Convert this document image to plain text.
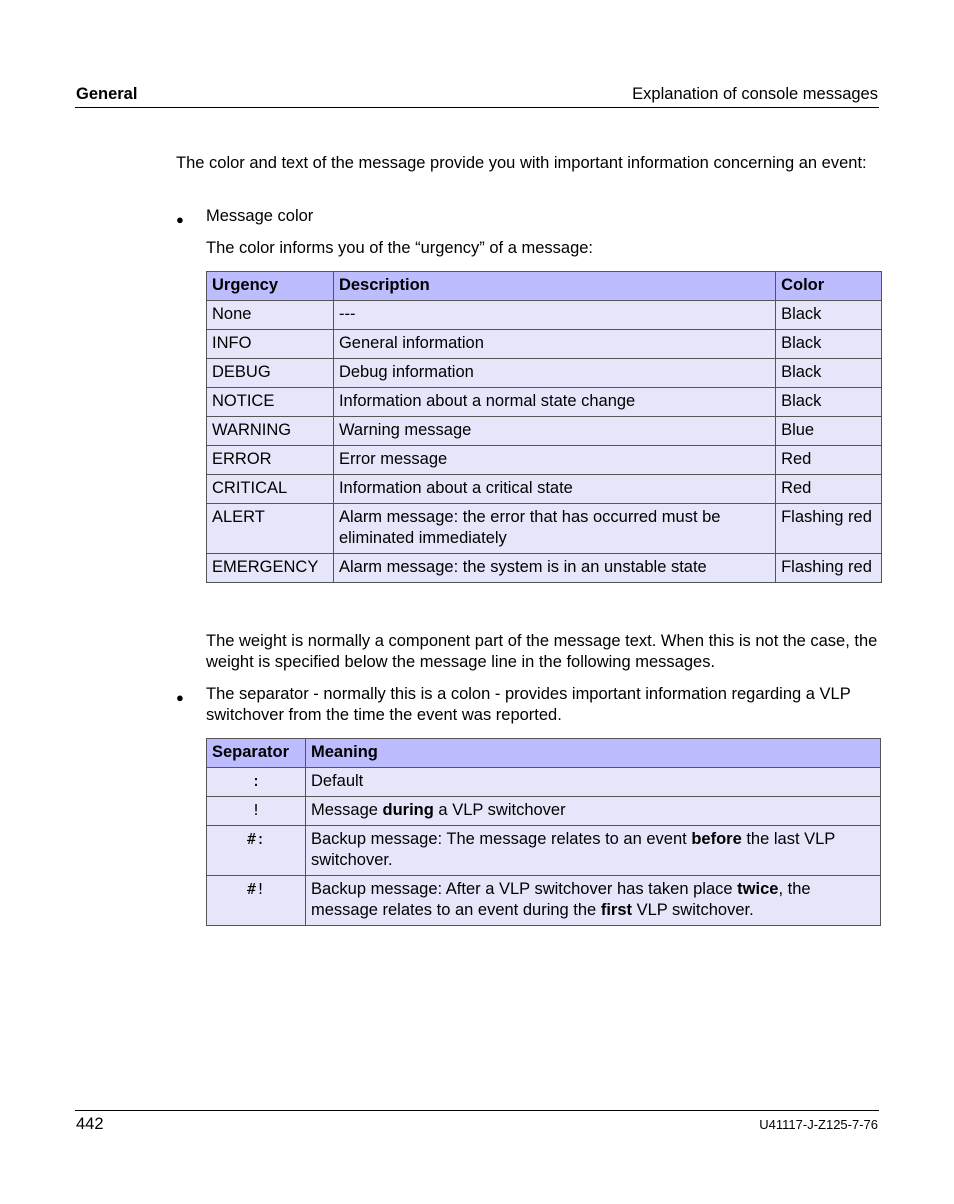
General	Explanation of console messages
The color and text of the message provide you with important information concerning an event:
● Message color
The color informs you of the “urgency” of a message:
Urgency	Description	Color
None	---	Black
INFO	General information	Black
DEBUG	Debug information	Black
NOTICE	Information about a normal state change	Black
WARNING	Warning message	Blue
ERROR	Error message	Red
CRITICAL	Information about a critical state	Red
ALERT	Alarm message: the error that has occurred must be eliminated immediately	Flashing red
EMERGENCY	Alarm message: the system is in an unstable state	Flashing red
The weight is normally a component part of the message text. When this is not the case, the weight is specified below the message line in the following messages.
● The separator - normally this is a colon - provides important information regarding a VLP switchover from the time the event was reported.
Separator	Meaning
:	Default
!	Message during a VLP switchover
#:	Backup message: The message relates to an event before the last VLP switchover.
#!	Backup message: After a VLP switchover has taken place twice, the message relates to an event during the first VLP switchover.
442	U41117-J-Z125-7-76
